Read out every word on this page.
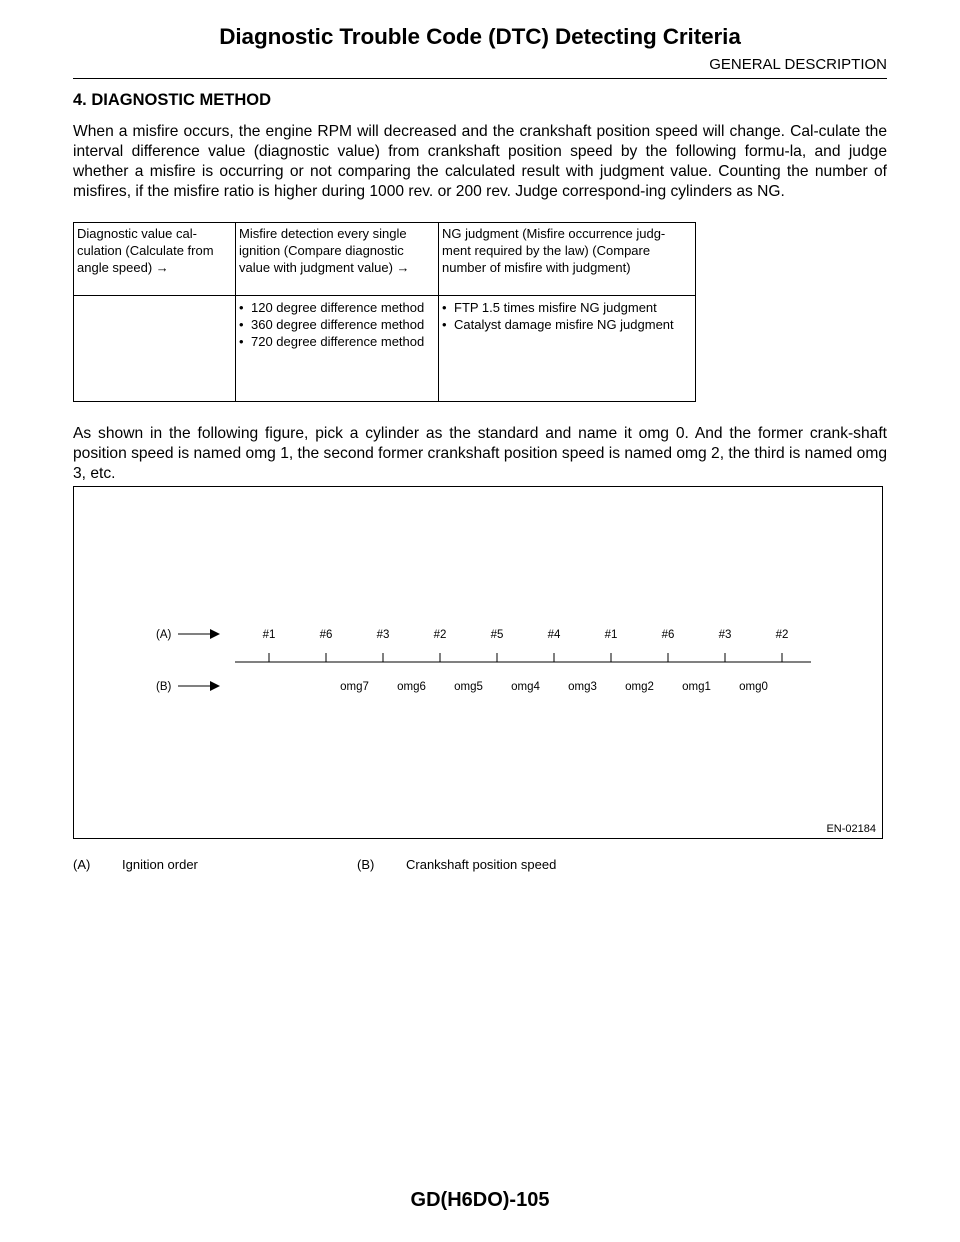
Diagnostic Trouble Code (DTC) Detecting Criteria
GENERAL DESCRIPTION
4. DIAGNOSTIC METHOD
When a misfire occurs, the engine RPM will decreased and the crankshaft position speed will change. Cal-culate the interval difference value (diagnostic value) from crankshaft position speed by the following formu-la, and judge whether a misfire is occurring or not comparing the calculated result with judgment value. Counting the number of misfires, if the misfire ratio is higher during 1000 rev. or 200 rev. Judge correspond-ing cylinders as NG.
Diagnostic value cal-culation (Calculate from angle speed) →	Misfire detection every single ignition (Compare diagnostic value with judgment value) →	NG judgment (Misfire occurrence judg-ment required by the law) (Compare number of misfire with judgment)

	• 120 degree difference method
• 360 degree difference method
• 720 degree difference method	• FTP 1.5 times misfire NG judgment
• Catalyst damage misfire NG judgment
As shown in the following figure, pick a cylinder as the standard and name it omg 0. And the former crank-shaft position speed is named omg 1, the second former crankshaft position speed is named omg 2, the third is named omg 3, etc.
(A)
(B)
#1	#6	#3	#2	#5	#4	#1	#6	#3	#2
omg7 omg6 omg5 omg4 omg3 omg2 omg1 omg0
EN-02184
(A) Ignition order	(B) Crankshaft position speed
GD(H6DO)-105
